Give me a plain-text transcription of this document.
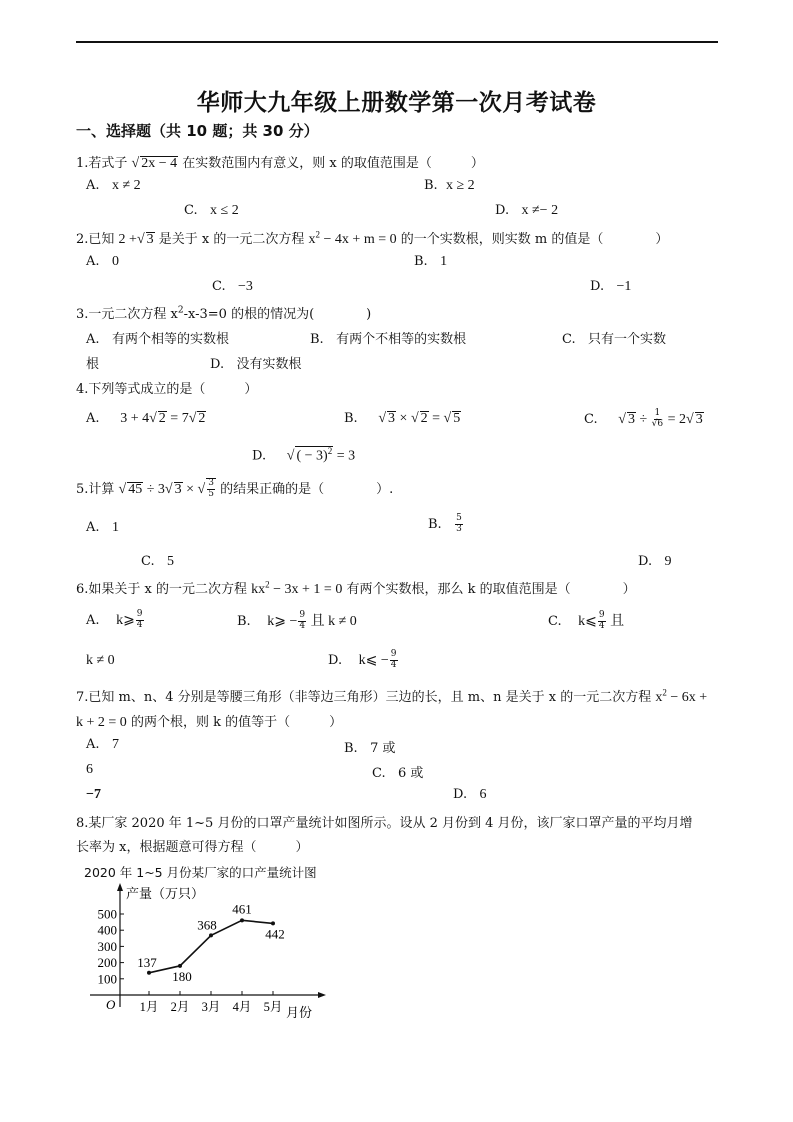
华师大九年级上册数学第一次月考试卷
一、选择题（共 10 题；共 30 分）
1.若式子 √ 2x − 4 在实数范围内有意义，则 x 的取值范围是（　　　）
A. x ≠ 2	B. x ≥ 2
C. x ≤ 2	D. x ≠− 2
2.已知 2 +√ 3 是关于 x 的一元二次方程 $x^2 - 4x + m = 0$ 的一个实数根，则实数 m 的值是（　　　　）
A. 0	B. 1
C. −3	D. −1
3.一元二次方程 $x^2-x-3=0$ 的根的情况为(　　　　)
A. 有两个相等的实数根	B. 有两个不相等的实数根	C. 只有一个实数
根	D. 没有实数根
4.下列等式成立的是（　　　）
A. 3 + 4√ 2 = 7√ 2	B. √ 3 × √ 2 = √ 5	C. √ $3 \div \frac{1}{√6} = 2√$ 3
D. √ ( − 3)$^2$ = 3
5.计算 √ 45 ÷ 3√ 3 × √ $\frac{3}{5}$ 的结果正确的是（　　　　）.
A. 1	B. $\frac{5}{3}$
C. 5	D. 9
6.如果关于 x 的一元二次方程 $kx^2 - 3x + 1 = 0$ 有两个实数根，那么 k 的取值范围是（　　　　）
A. k⩾ $\frac{9}{4}$	B. k⩾ − $\frac{9}{4}$ 且 k ≠ 0	C. k⩽ $\frac{9}{4}$ 且
k ≠ 0	D. k⩽ − $\frac{9}{4}$
7.已知 m、n、4 分别是等腰三角形（非等边三角形）三边的长，且 m、n 是关于 x 的一元二次方程 $x^2 - 6x$ +
k + 2 = 0 的两个根，则 k 的值等于（　　　）
A. 7	B. 7 或
6	C. 6 或
−7	D. 6
8.某厂家 2020 年 1~5 月份的口罩产量统计如图所示。设从 2 月份到 4 月份，该厂家口罩产量的平均月增
长率为 x，根据题意可得方程（　　　）
2020 年 1~5 月份某厂家的口产量统计图
产量（万只）
月份
O
100
200
300
400
500
1月 2月 3月 4月 5月
137
180
368
461
442
